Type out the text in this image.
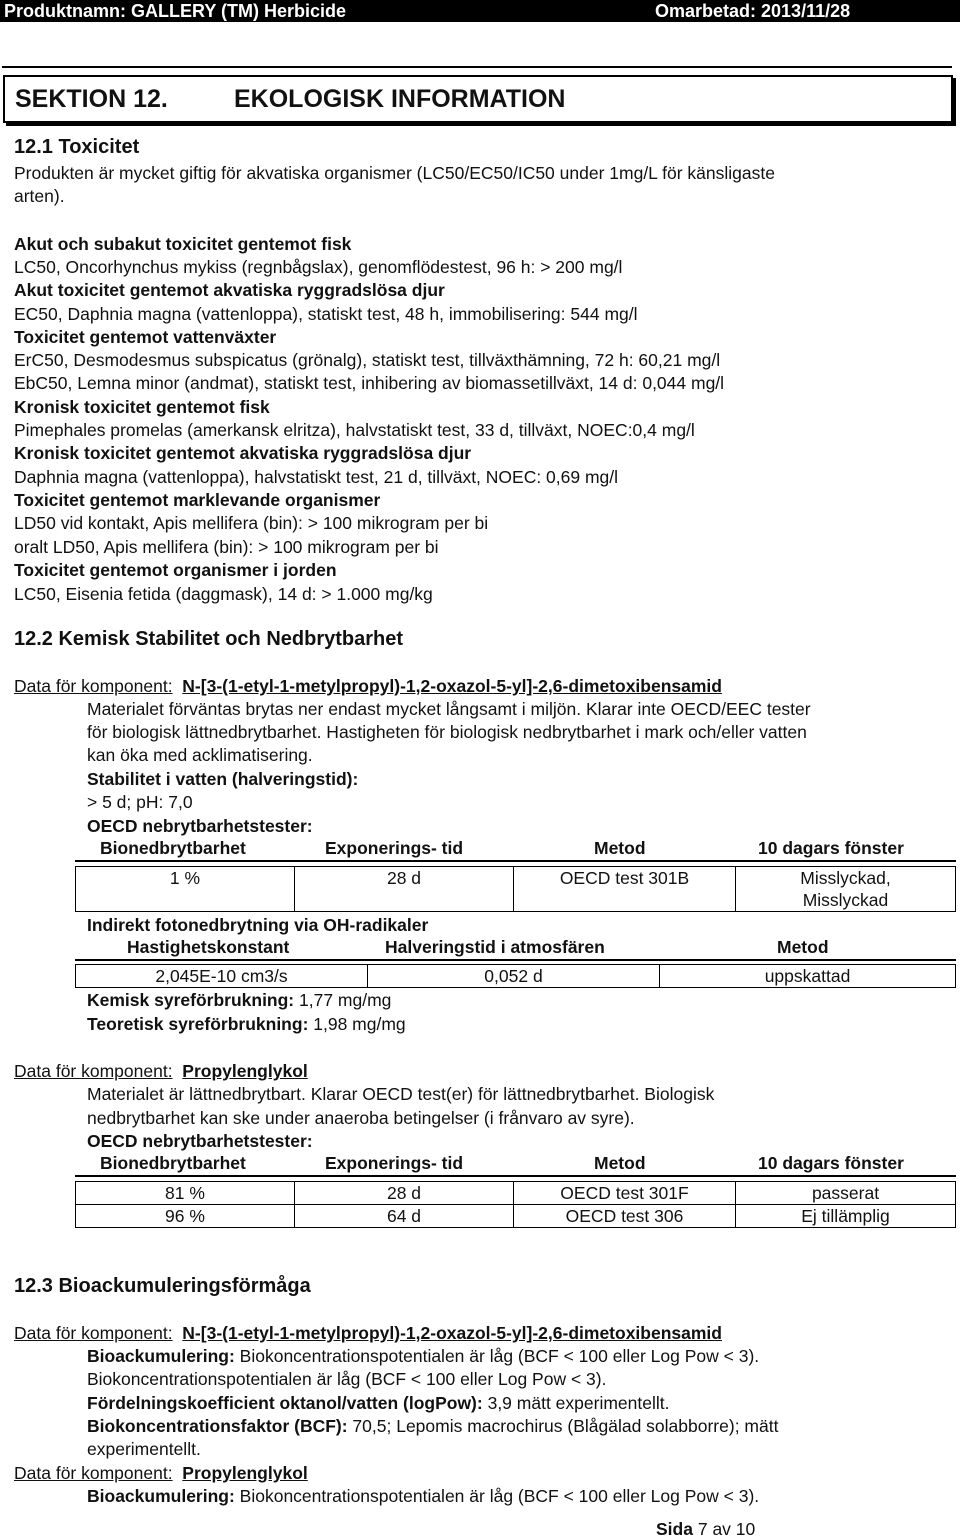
Produktnamn: GALLERY (TM) Herbicide	Omarbetad: 2013/11/28
SEKTION 12.	EKOLOGISK INFORMATION
12.1 Toxicitet
Produkten är mycket giftig för akvatiska organismer (LC50/EC50/IC50 under 1mg/L för känsligaste
arten).
Akut och subakut toxicitet gentemot fisk
LC50, Oncorhynchus mykiss (regnbågslax), genomflödestest, 96 h: > 200 mg/l
Akut toxicitet gentemot akvatiska ryggradslösa djur
EC50, Daphnia magna (vattenloppa), statiskt test, 48 h, immobilisering: 544 mg/l
Toxicitet gentemot vattenväxter
ErC50, Desmodesmus subspicatus (grönalg), statiskt test, tillväxthämning, 72 h: 60,21 mg/l
EbC50, Lemna minor (andmat), statiskt test, inhibering av biomassetillväxt, 14 d: 0,044 mg/l
Kronisk toxicitet gentemot fisk
Pimephales promelas (amerkansk elritza), halvstatiskt test, 33 d, tillväxt, NOEC:0,4 mg/l
Kronisk toxicitet gentemot akvatiska ryggradslösa djur
Daphnia magna (vattenloppa), halvstatiskt test, 21 d, tillväxt, NOEC: 0,69 mg/l
Toxicitet gentemot marklevande organismer
LD50 vid kontakt, Apis mellifera (bin): > 100 mikrogram per bi
oralt LD50, Apis mellifera (bin): > 100 mikrogram per bi
Toxicitet gentemot organismer i jorden
LC50, Eisenia fetida (daggmask), 14 d: > 1.000 mg/kg
12.2 Kemisk Stabilitet och Nedbrytbarhet
Data för komponent: N-[3-(1-etyl-1-metylpropyl)-1,2-oxazol-5-yl]-2,6-dimetoxibensamid
Materialet förväntas brytas ner endast mycket långsamt i miljön. Klarar inte OECD/EEC tester
för biologisk lättnedbrytbarhet. Hastigheten för biologisk nedbrytbarhet i mark och/eller vatten
kan öka med acklimatisering.
Stabilitet i vatten (halveringstid):
> 5 d; pH: 7,0
OECD nebrytbarhetstester:
Bionedbrytbarhet	Exponerings- tid	Metod	10 dagars fönster
1 %	28 d	OECD test 301B	Misslyckad,
Misslyckad
Indirekt fotonedbrytning via OH-radikaler
Hastighetskonstant	Halveringstid i atmosfären	Metod
2,045E-10 cm3/s	0,052 d	uppskattad
Kemisk syreförbrukning: 1,77 mg/mg
Teoretisk syreförbrukning: 1,98 mg/mg
Data för komponent: Propylenglykol
Materialet är lättnedbrytbart. Klarar OECD test(er) för lättnedbrytbarhet. Biologisk
nedbrytbarhet kan ske under anaeroba betingelser (i frånvaro av syre).
OECD nebrytbarhetstester:
Bionedbrytbarhet	Exponerings- tid	Metod	10 dagars fönster
81 %	28 d	OECD test 301F	passerat
96 %	64 d	OECD test 306	Ej tillämplig
12.3 Bioackumuleringsförmåga
Data för komponent: N-[3-(1-etyl-1-metylpropyl)-1,2-oxazol-5-yl]-2,6-dimetoxibensamid
Bioackumulering: Biokoncentrationspotentialen är låg (BCF < 100 eller Log Pow < 3).
Biokoncentrationspotentialen är låg (BCF < 100 eller Log Pow < 3).
Fördelningskoefficient oktanol/vatten (logPow): 3,9 mätt experimentellt.
Biokoncentrationsfaktor (BCF): 70,5; Lepomis macrochirus (Blågälad solabborre); mätt
experimentellt.
Data för komponent: Propylenglykol
Bioackumulering: Biokoncentrationspotentialen är låg (BCF < 100 eller Log Pow < 3).
Sida 7 av 10
